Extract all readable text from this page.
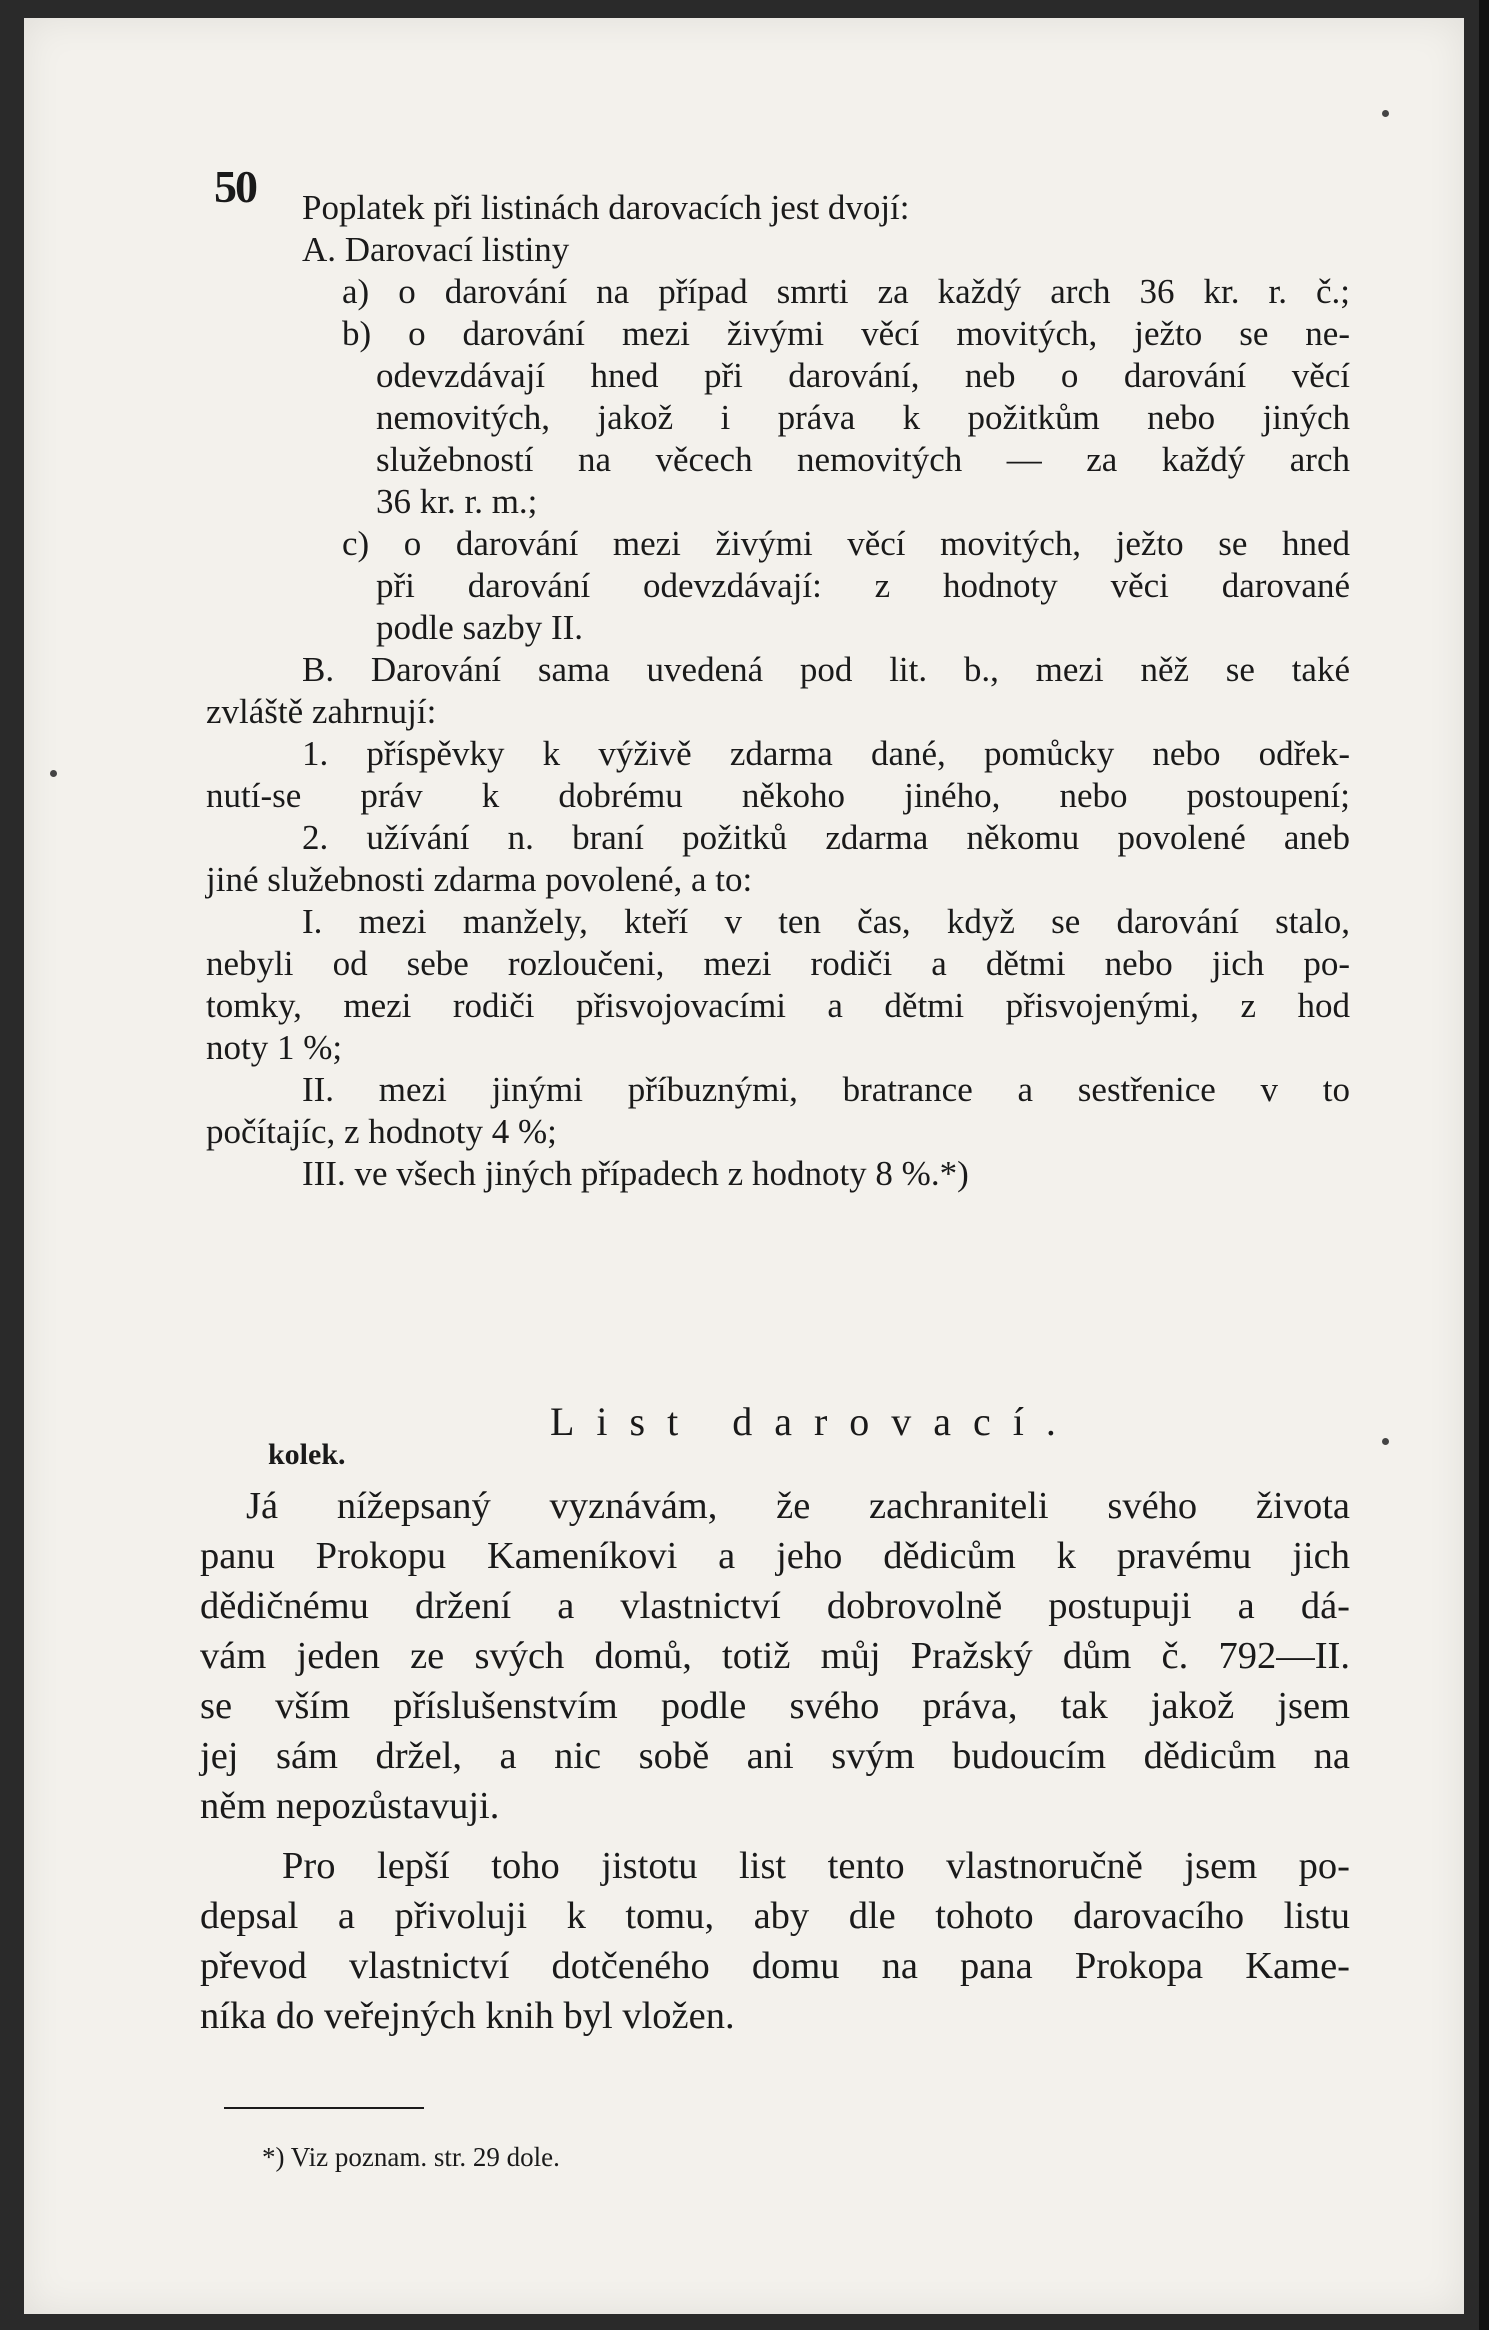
50 Poplatek při listinách darovacích jest dvojí:
A. Darovací listiny
a) o darování na případ smrti za každý arch 36 kr. r. č.;
b) o darování mezi živými věcí movitých, ježto se ne-
odevzdávají hned při darování, neb o darování věcí
nemovitých, jakož i práva k požitkům nebo jiných
služebností na věcech nemovitých — za každý arch
36 kr. r. m.;
c) o darování mezi živými věcí movitých, ježto se hned
při darování odevzdávají: z hodnoty věci darované
podle sazby II.
B. Darování sama uvedená pod lit. b., mezi něž se také
zvláště zahrnují:
1. příspěvky k výživě zdarma dané, pomůcky nebo odřek-
nutí-se práv k dobrému někoho jiného, nebo postoupení;
2. užívání n. braní požitků zdarma někomu povolené aneb
jiné služebnosti zdarma povolené, a to:
I. mezi manžely, kteří v ten čas, když se darování stalo,
nebyli od sebe rozloučeni, mezi rodiči a dětmi nebo jich po-
tomky, mezi rodiči přisvojovacími a dětmi přisvojenými, z hod
noty 1 %;
II. mezi jinými příbuznými, bratrance a sestřenice v to
počítajíc, z hodnoty 4 %;
III. ve všech jiných případech z hodnoty 8 %.*)
List darovací.
kolek.
Já nížepsaný vyznávám, že zachraniteli svého života
panu Prokopu Kameníkovi a jeho dědicům k pravému jich
dědičnému držení a vlastnictví dobrovolně postupuji a dá-
vám jeden ze svých domů, totiž můj Pražský dům č. 792—II.
se vším příslušenstvím podle svého práva, tak jakož jsem
jej sám držel, a nic sobě ani svým budoucím dědicům na
něm nepozůstavuji.
Pro lepší toho jistotu list tento vlastnoručně jsem po-
depsal a přivoluji k tomu, aby dle tohoto darovacího listu
převod vlastnictví dotčeného domu na pana Prokopa Kame-
níka do veřejných knih byl vložen.
*) Viz poznam. str. 29 dole.
